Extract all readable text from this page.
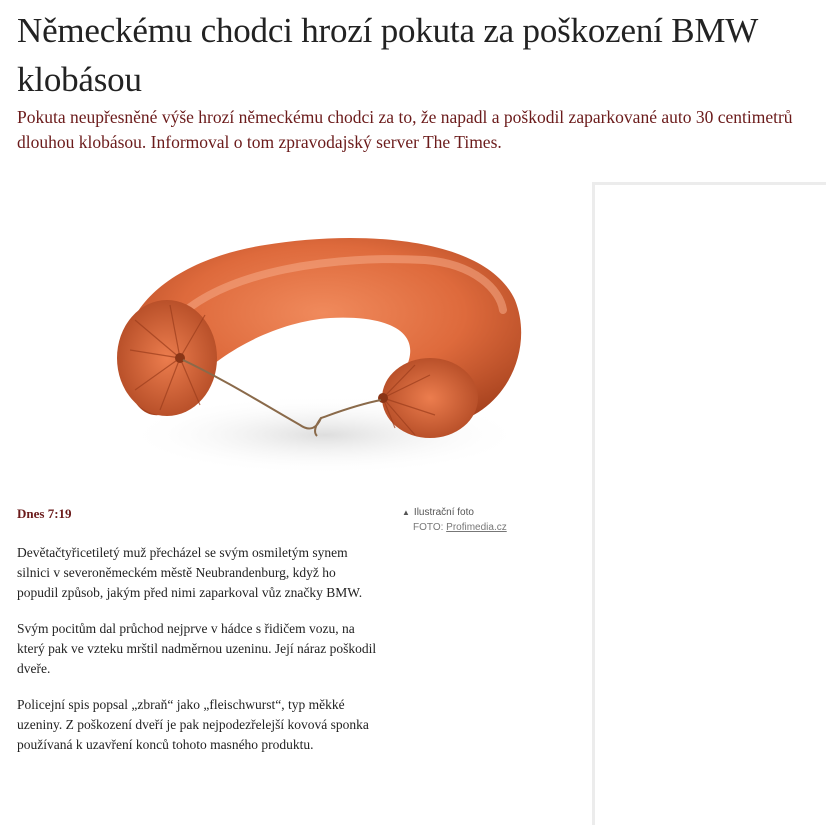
Německému chodci hrozí pokuta za poškození BMW klobásou

Pokuta neupřesněné výše hrozí německému chodci za to, že napadl a poškodil zaparkované auto 30 centimetrů dlouhou klobásou. Informoval o tom zpravodajský server The Times.

Dnes 7:19	▲ Ilustrační foto
FOTO: Profimedia.cz

Devětačtyřicetiletý muž přecházel se svým osmiletým synem silnici v severoněmeckém městě Neubrandenburg, když ho popudil způsob, jakým před nimi zaparkoval vůz značky BMW.

Svým pocitům dal průchod nejprve v hádce s řidičem vozu, na který pak ve vzteku mrštil nadměrnou uzeninu. Její náraz poškodil dveře.

Policejní spis popsal „zbraň“ jako „fleischwurst“, typ měkké uzeniny. Z poškození dveří je pak nejpodezřelejší kovová sponka používaná k uzavření konců tohoto masného produktu.
